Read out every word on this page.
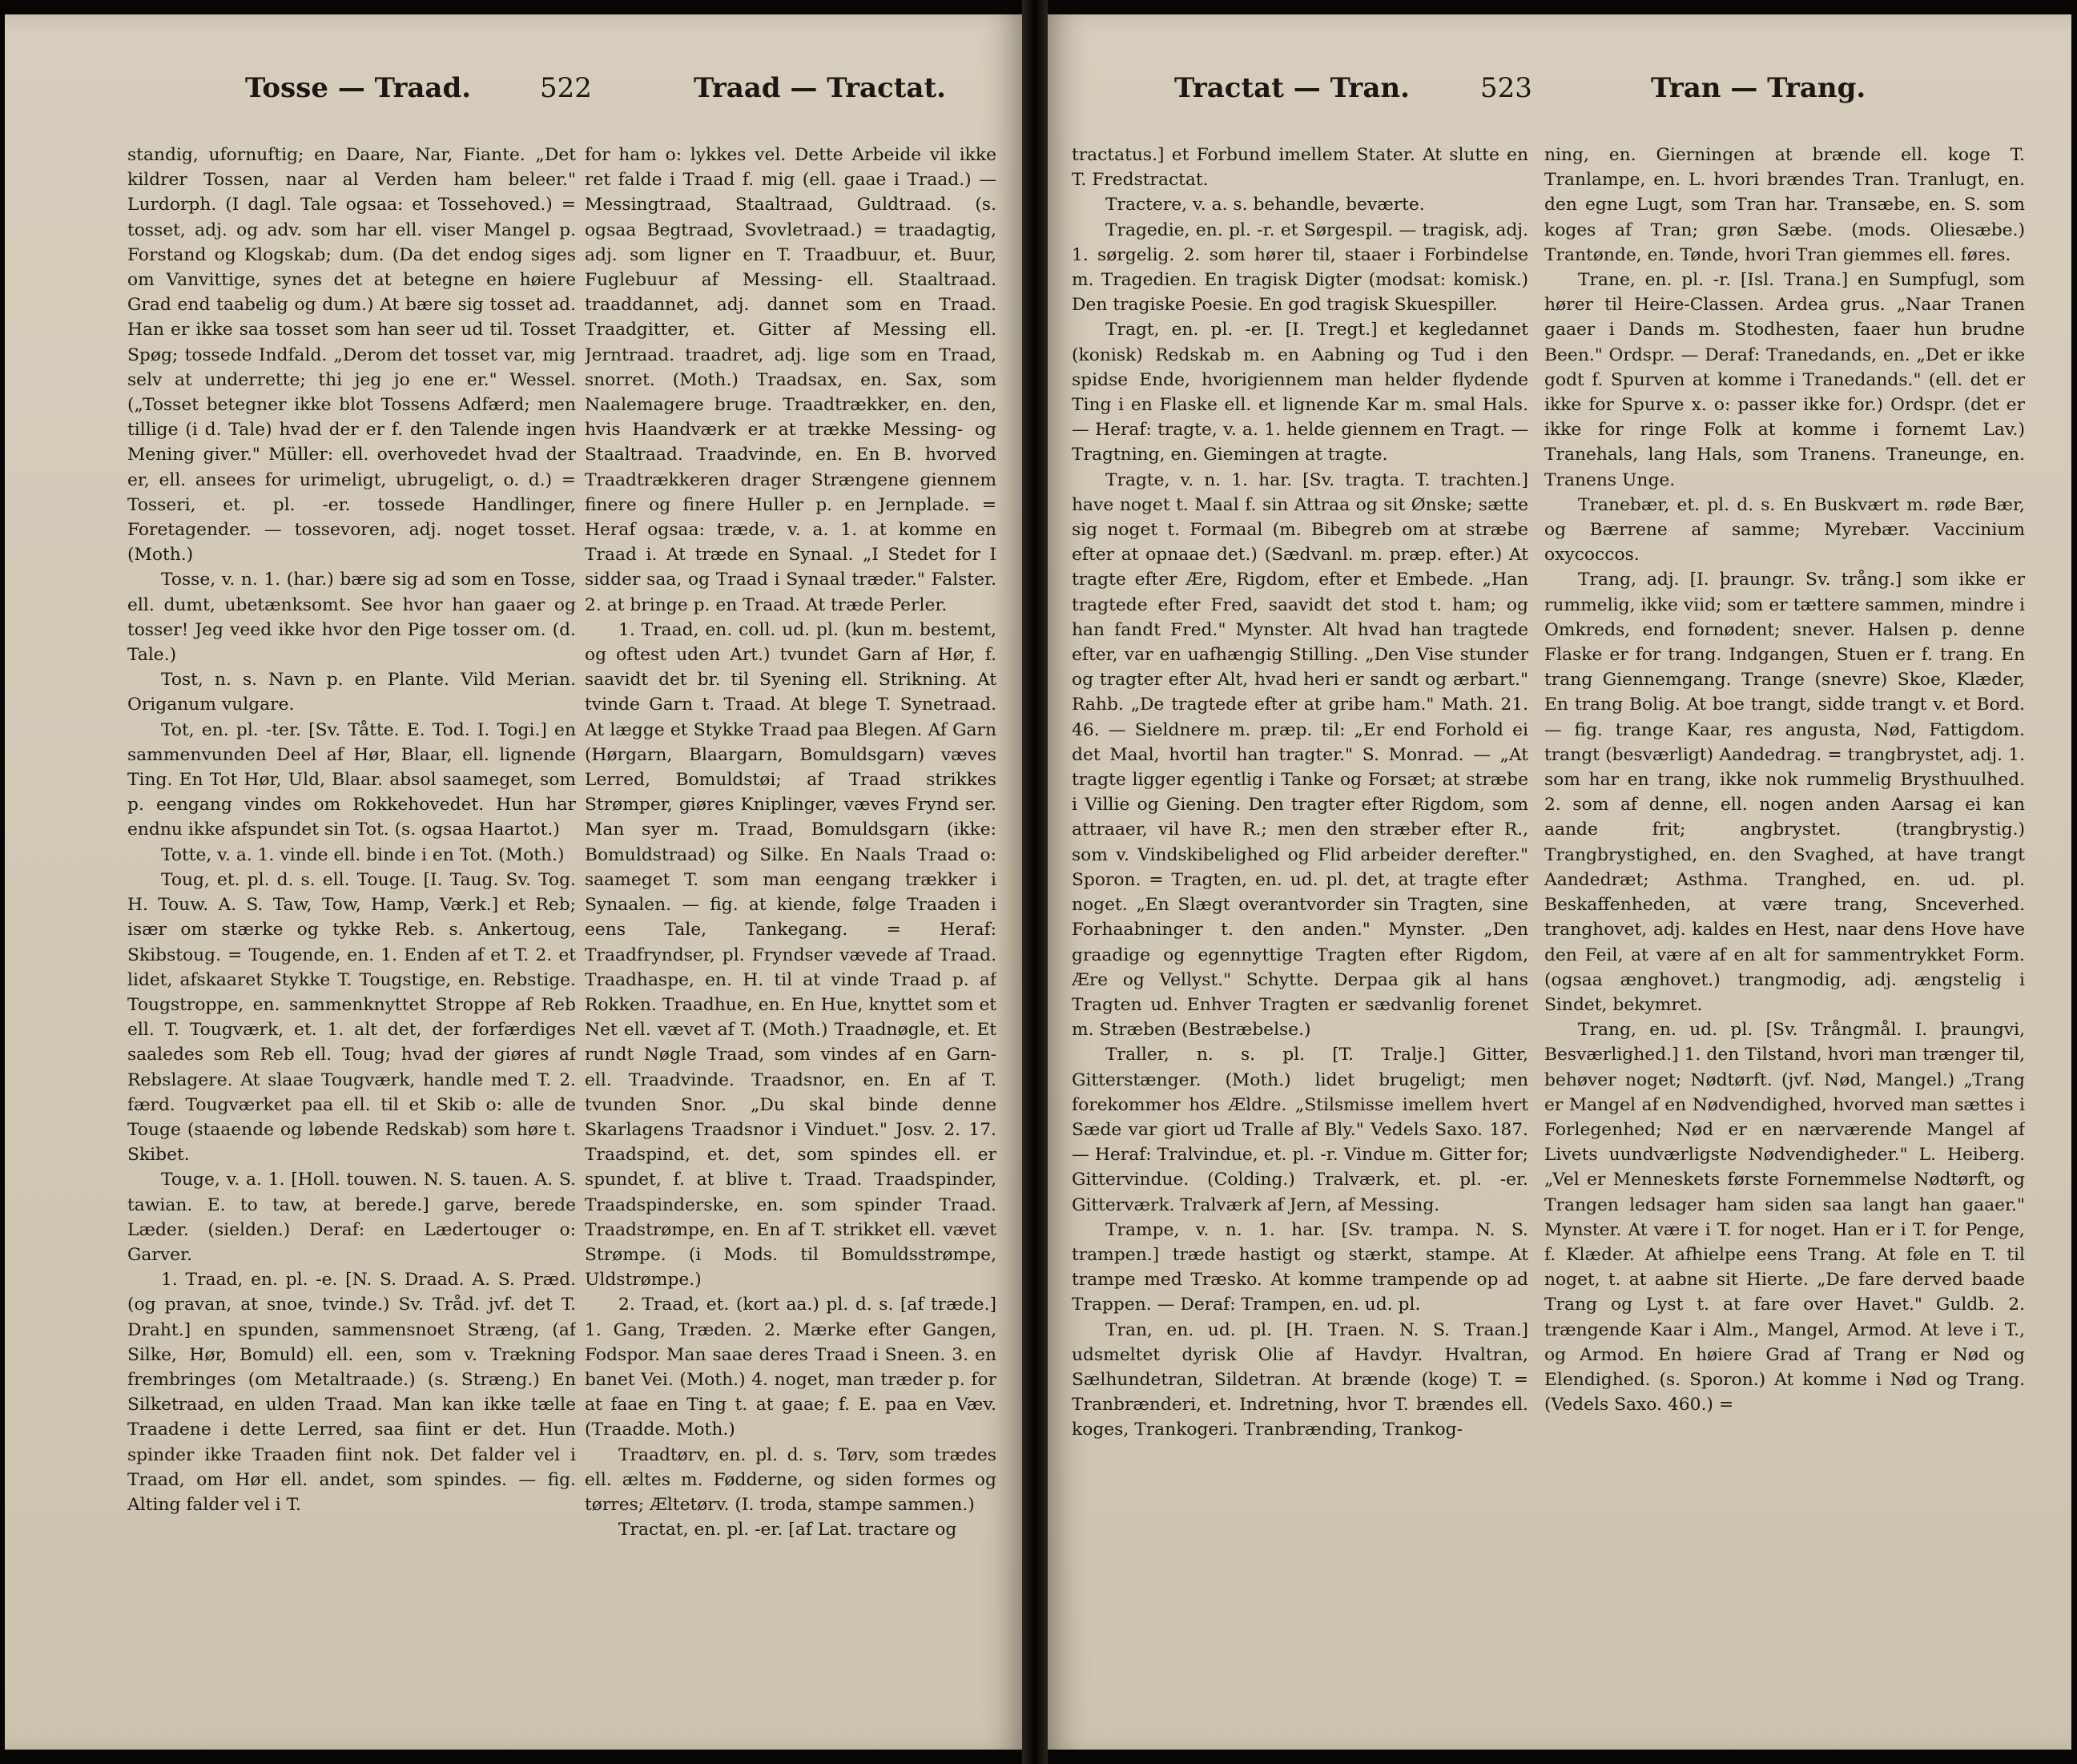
Tosse — Traad.	522	Traad — Tractat.

standig, ufornuftig; en Daare, Nar, Fiante. „Det kildrer Tossen, naar al Verden ham beleer." Lurdorph. (I dagl. Tale ogsaa: et Tossehoved.) = tosset, adj. og adv. som har ell. viser Mangel p. Forstand og Klogskab; dum. (Da det endog siges om Vanvittige, synes det at betegne en høiere Grad end taabelig og dum.) At bære sig tosset ad. Han er ikke saa tosset som han seer ud til. Tosset Spøg; tossede Indfald. „Derom det tosset var, mig selv at underrette; thi jeg jo ene er." Wessel. („Tosset betegner ikke blot Tossens Adfærd; men tillige (i d. Tale) hvad der er f. den Talende ingen Mening giver." Müller: ell. overhovedet hvad der er, ell. ansees for urimeligt, ubrugeligt, o. d.) = Tosseri, et. pl. -er. tossede Handlinger, Foretagender. — tossevoren, adj. noget tosset. (Moth.)

Tosse, v. n. 1. (har.) bære sig ad som en Tosse, ell. dumt, ubetænksomt. See hvor han gaaer og tosser! Jeg veed ikke hvor den Pige tosser om. (d. Tale.)

Tost, n. s. Navn p. en Plante. Vild Merian. Origanum vulgare.

Tot, en. pl. -ter. [Sv. Tåtte. E. Tod. I. Togi.] en sammenvunden Deel af Hør, Blaar, ell. lignende Ting. En Tot Hør, Uld, Blaar. absol saameget, som p. eengang vindes om Rokkehovedet. Hun har endnu ikke afspundet sin Tot. (s. ogsaa Haartot.)

Totte, v. a. 1. vinde ell. binde i en Tot. (Moth.)

Toug, et. pl. d. s. ell. Touge. [I. Taug. Sv. Tog. H. Touw. A. S. Taw, Tow, Hamp, Værk.] et Reb; især om stærke og tykke Reb. s. Ankertoug, Skibstoug. = Tougende, en. 1. Enden af et T. 2. et lidet, afskaaret Stykke T. Tougstige, en. Rebstige. Tougstroppe, en. sammenknyttet Stroppe af Reb ell. T. Tougværk, et. 1. alt det, der forfærdiges saaledes som Reb ell. Toug; hvad der giøres af Rebslagere. At slaae Tougværk, handle med T. 2. færd. Tougværket paa ell. til et Skib o: alle de Touge (staaende og løbende Redskab) som høre t. Skibet.

Touge, v. a. 1. [Holl. touwen. N. S. tauen. A. S. tawian. E. to taw, at berede.] garve, berede Læder. (sielden.) Deraf: en Lædertouger o: Garver.

1. Traad, en. pl. -e. [N. S. Draad. A. S. Præd. (og pravan, at snoe, tvinde.) Sv. Tråd. jvf. det T. Draht.] en spunden, sammensnoet Stræng, (af Silke, Hør, Bomuld) ell. een, som v. Trækning frembringes (om Metaltraade.) (s. Stræng.) En Silketraad, en ulden Traad. Man kan ikke tælle Traadene i dette Lerred, saa fiint er det. Hun spinder ikke Traaden fiint nok. Det falder vel i Traad, om Hør ell. andet, som spindes. — fig. Alting falder vel i T.

for ham o: lykkes vel. Dette Arbeide vil ikke ret falde i Traad f. mig (ell. gaae i Traad.) — Messingtraad, Staaltraad, Guldtraad. (s. ogsaa Begtraad, Svovletraad.) = traadagtig, adj. som ligner en T. Traadbuur, et. Buur, Fuglebuur af Messing- ell. Staaltraad. traaddannet, adj. dannet som en Traad. Traadgitter, et. Gitter af Messing ell. Jerntraad. traadret, adj. lige som en Traad, snorret. (Moth.) Traadsax, en. Sax, som Naalemagere bruge. Traadtrækker, en. den, hvis Haandværk er at trække Messing- og Staaltraad. Traadvinde, en. En B. hvorved Traadtrækkeren drager Strængene giennem finere og finere Huller p. en Jernplade. = Heraf ogsaa: træde, v. a. 1. at komme en Traad i. At træde en Synaal. „I Stedet for I sidder saa, og Traad i Synaal træder." Falster. 2. at bringe p. en Traad. At træde Perler.

1. Traad, en. coll. ud. pl. (kun m. bestemt, og oftest uden Art.) tvundet Garn af Hør, f. saavidt det br. til Syening ell. Strikning. At tvinde Garn t. Traad. At blege T. Synetraad. At lægge et Stykke Traad paa Blegen. Af Garn (Hørgarn, Blaargarn, Bomuldsgarn) væves Lerred, Bomuldstøi; af Traad strikkes Strømper, giøres Kniplinger, væves Frynd ser. Man syer m. Traad, Bomuldsgarn (ikke: Bomuldstraad) og Silke. En Naals Traad o: saameget T. som man eengang trækker i Synaalen. — fig. at kiende, følge Traaden i eens Tale, Tankegang. = Heraf: Traadfryndser, pl. Fryndser vævede af Traad. Traadhaspe, en. H. til at vinde Traad p. af Rokken. Traadhue, en. En Hue, knyttet som et Net ell. vævet af T. (Moth.) Traadnøgle, et. Et rundt Nøgle Traad, som vindes af en Garn- ell. Traadvinde. Traadsnor, en. En af T. tvunden Snor. „Du skal binde denne Skarlagens Traadsnor i Vinduet." Josv. 2. 17. Traadspind, et. det, som spindes ell. er spundet, f. at blive t. Traad. Traadspinder, Traadspinderske, en. som spinder Traad. Traadstrømpe, en. En af T. strikket ell. vævet Strømpe. (i Mods. til Bomuldsstrømpe, Uldstrømpe.)

2. Traad, et. (kort aa.) pl. d. s. [af træde.] 1. Gang, Træden. 2. Mærke efter Gangen, Fodspor. Man saae deres Traad i Sneen. 3. en banet Vei. (Moth.) 4. noget, man træder p. for at faae en Ting t. at gaae; f. E. paa en Væv. (Traadde. Moth.)

Traadtørv, en. pl. d. s. Tørv, som trædes ell. æltes m. Fødderne, og siden formes og tørres; Æltetørv. (I. troda, stampe sammen.)

Tractat, en. pl. -er. [af Lat. tractare og

Tractat — Tran.	523	Tran — Trang.

tractatus.] et Forbund imellem Stater. At slutte en T. Fredstractat.

Tractere, v. a. s. behandle, beværte.

Tragedie, en. pl. -r. et Sørgespil. — tragisk, adj. 1. sørgelig. 2. som hører til, staaer i Forbindelse m. Tragedien. En tragisk Digter (modsat: komisk.) Den tragiske Poesie. En god tragisk Skuespiller.

Tragt, en. pl. -er. [I. Tregt.] et kegledannet (konisk) Redskab m. en Aabning og Tud i den spidse Ende, hvorigiennem man helder flydende Ting i en Flaske ell. et lignende Kar m. smal Hals. — Heraf: tragte, v. a. 1. helde giennem en Tragt. — Tragtning, en. Giemingen at tragte.

Tragte, v. n. 1. har. [Sv. tragta. T. trachten.] have noget t. Maal f. sin Attraa og sit Ønske; sætte sig noget t. Formaal (m. Bibegreb om at stræbe efter at opnaae det.) (Sædvanl. m. præp. efter.) At tragte efter Ære, Rigdom, efter et Embede. „Han tragtede efter Fred, saavidt det stod t. ham; og han fandt Fred." Mynster. Alt hvad han tragtede efter, var en uafhængig Stilling. „Den Vise stunder og tragter efter Alt, hvad heri er sandt og ærbart." Rahb. „De tragtede efter at gribe ham." Math. 21. 46. — Sieldnere m. præp. til: „Er end Forhold ei det Maal, hvortil han tragter." S. Monrad. — „At tragte ligger egentlig i Tanke og Forsæt; at stræbe i Villie og Giening. Den tragter efter Rigdom, som attraaer, vil have R.; men den stræber efter R., som v. Vindskibelighed og Flid arbeider derefter." Sporon. = Tragten, en. ud. pl. det, at tragte efter noget. „En Slægt overantvorder sin Tragten, sine Forhaabninger t. den anden." Mynster. „Den graadige og egennyttige Tragten efter Rigdom, Ære og Vellyst." Schytte. Derpaa gik al hans Tragten ud. Enhver Tragten er sædvanlig forenet m. Stræben (Bestræbelse.)

Traller, n. s. pl. [T. Tralje.] Gitter, Gitterstænger. (Moth.) lidet brugeligt; men forekommer hos Ældre. „Stilsmisse imellem hvert Sæde var giort ud Tralle af Bly." Vedels Saxo. 187. — Heraf: Tralvindue, et. pl. -r. Vindue m. Gitter for; Gittervindue. (Colding.) Tralværk, et. pl. -er. Gitterværk. Tralværk af Jern, af Messing.

Trampe, v. n. 1. har. [Sv. trampa. N. S. trampen.] træde hastigt og stærkt, stampe. At trampe med Træsko. At komme trampende op ad Trappen. — Deraf: Trampen, en. ud. pl.

Tran, en. ud. pl. [H. Traen. N. S. Traan.] udsmeltet dyrisk Olie af Havdyr. Hvaltran, Sælhundetran, Sildetran. At brænde (koge) T. = Tranbrænderi, et. Indretning, hvor T. brændes ell. koges, Trankogeri. Tranbrænding, Trankog-

ning, en. Gierningen at brænde ell. koge T. Tranlampe, en. L. hvori brændes Tran. Tranlugt, en. den egne Lugt, som Tran har. Transæbe, en. S. som koges af Tran; grøn Sæbe. (mods. Oliesæbe.) Trantønde, en. Tønde, hvori Tran giemmes ell. føres.

Trane, en. pl. -r. [Isl. Trana.] en Sumpfugl, som hører til Heire-Classen. Ardea grus. „Naar Tranen gaaer i Dands m. Stodhesten, faaer hun brudne Been." Ordspr. — Deraf: Tranedands, en. „Det er ikke godt f. Spurven at komme i Tranedands." (ell. det er ikke for Spurve x. o: passer ikke for.) Ordspr. (det er ikke for ringe Folk at komme i fornemt Lav.) Tranehals, lang Hals, som Tranens. Traneunge, en. Tranens Unge.

Tranebær, et. pl. d. s. En Buskvært m. røde Bær, og Bærrene af samme; Myrebær. Vaccinium oxycoccos.

Trang, adj. [I. þraungr. Sv. trång.] som ikke er rummelig, ikke viid; som er tættere sammen, mindre i Omkreds, end fornødent; snever. Halsen p. denne Flaske er for trang. Indgangen, Stuen er f. trang. En trang Giennemgang. Trange (snevre) Skoe, Klæder, En trang Bolig. At boe trangt, sidde trangt v. et Bord. — fig. trange Kaar, res angusta, Nød, Fattigdom. trangt (besværligt) Aandedrag. = trangbrystet, adj. 1. som har en trang, ikke nok rummelig Brysthuulhed. 2. som af denne, ell. nogen anden Aarsag ei kan aande frit; angbrystet. (trangbrystig.) Trangbrystighed, en. den Svaghed, at have trangt Aandedræt; Asthma. Tranghed, en. ud. pl. Beskaffenheden, at være trang, Snceverhed. tranghovet, adj. kaldes en Hest, naar dens Hove have den Feil, at være af en alt for sammentrykket Form. (ogsaa ænghovet.) trangmodig, adj. ængstelig i Sindet, bekymret.

Trang, en. ud. pl. [Sv. Trångmål. I. þraungvi, Besværlighed.] 1. den Tilstand, hvori man trænger til, behøver noget; Nødtørft. (jvf. Nød, Mangel.) „Trang er Mangel af en Nødvendighed, hvorved man sættes i Forlegenhed; Nød er en nærværende Mangel af Livets uundværligste Nødvendigheder." L. Heiberg. „Vel er Menneskets første Fornemmelse Nødtørft, og Trangen ledsager ham siden saa langt han gaaer." Mynster. At være i T. for noget. Han er i T. for Penge, f. Klæder. At afhielpe eens Trang. At føle en T. til noget, t. at aabne sit Hierte. „De fare derved baade Trang og Lyst t. at fare over Havet." Guldb. 2. trængende Kaar i Alm., Mangel, Armod. At leve i T., og Armod. En høiere Grad af Trang er Nød og Elendighed. (s. Sporon.) At komme i Nød og Trang. (Vedels Saxo. 460.) =
